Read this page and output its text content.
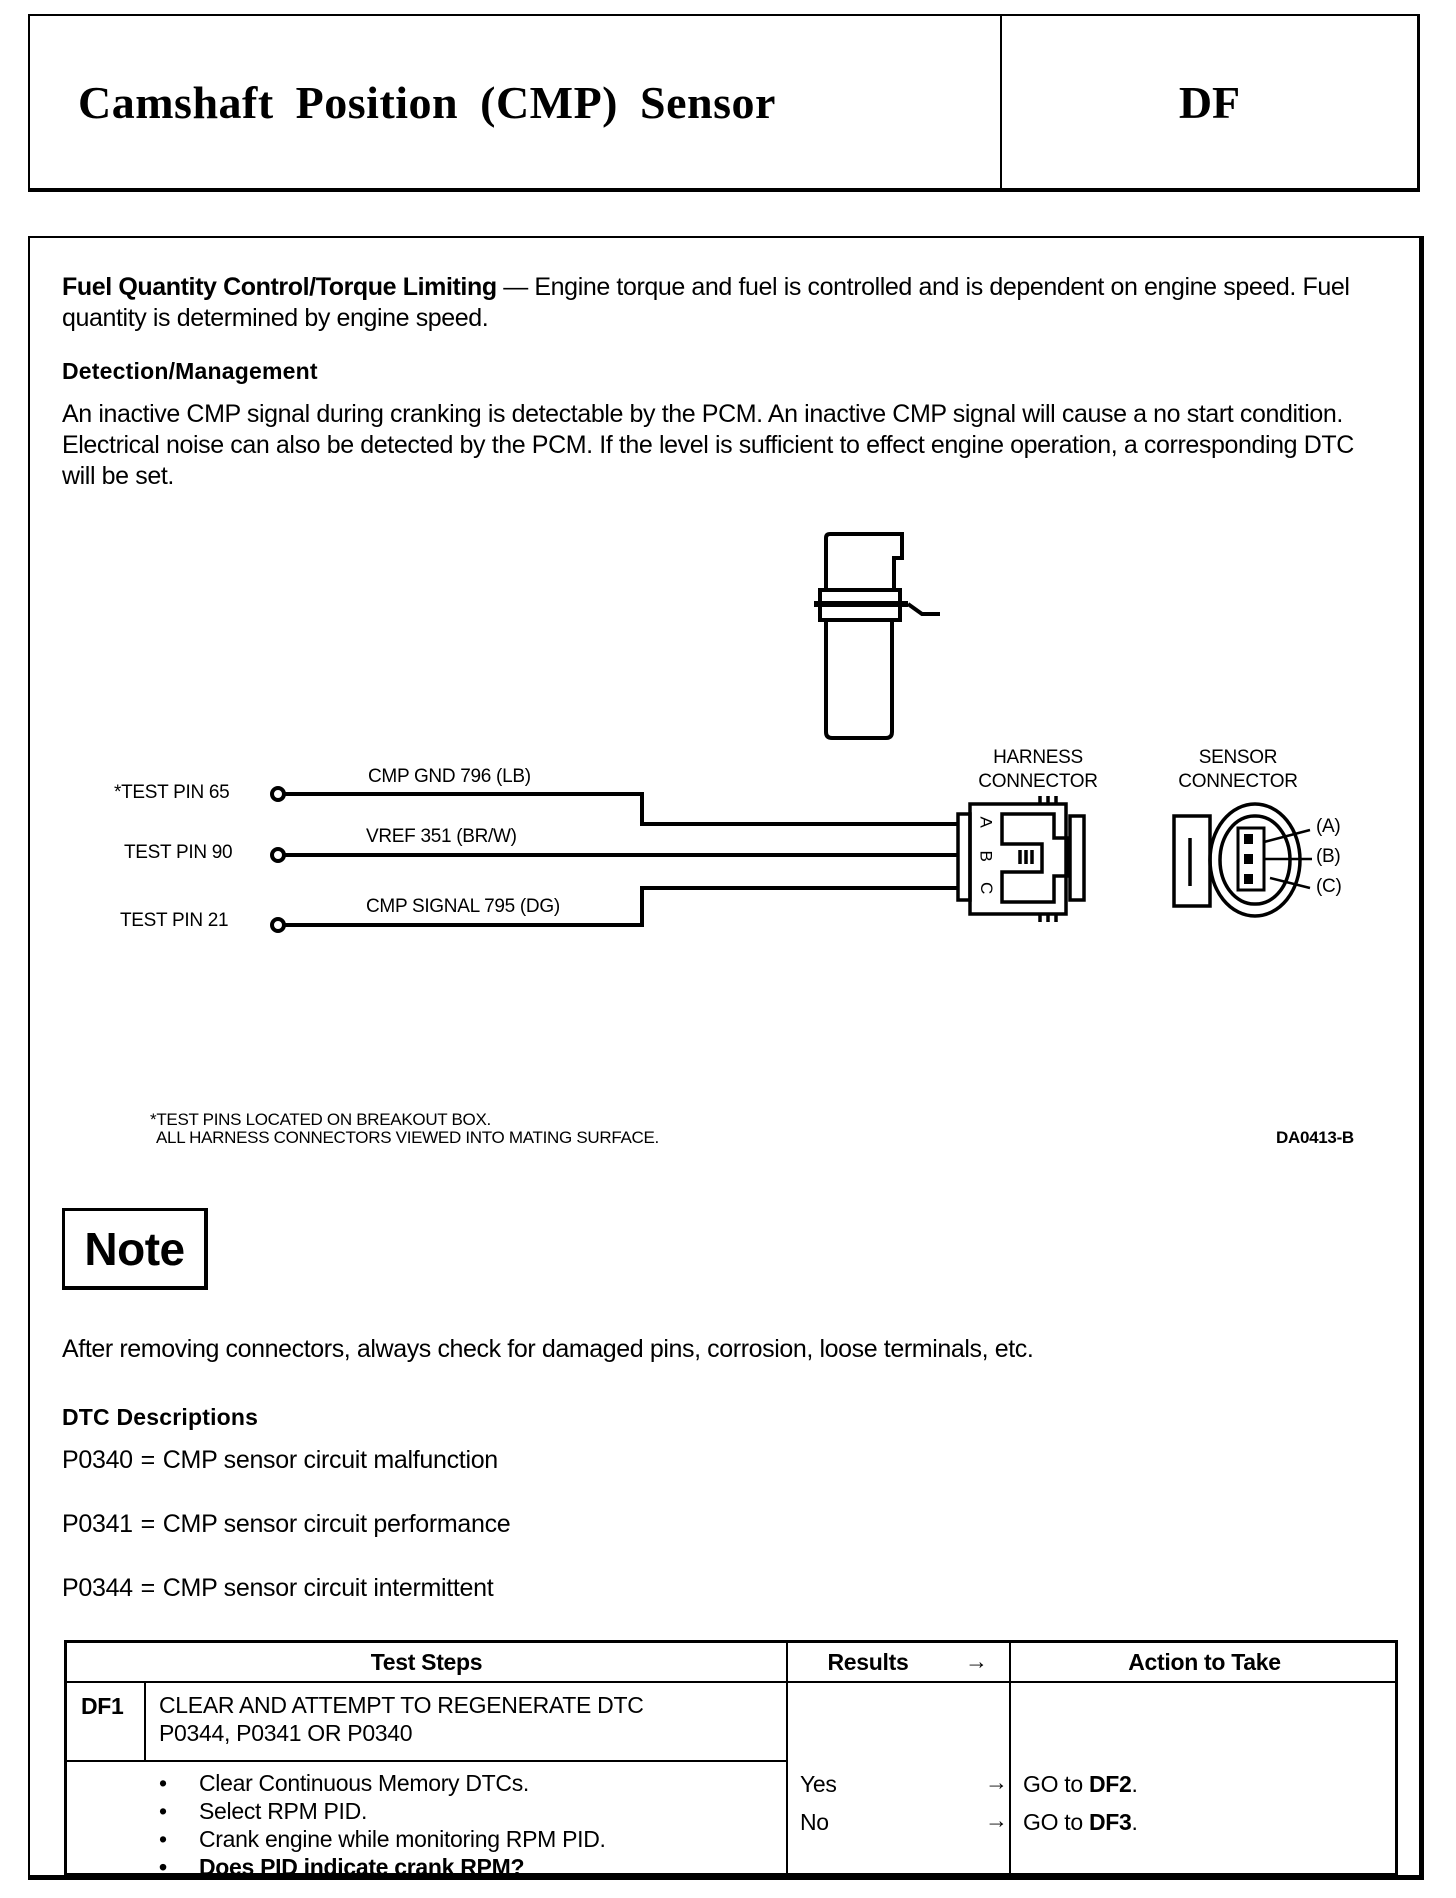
Camshaft Position (CMP) Sensor	DF

Fuel Quantity Control/Torque Limiting — Engine torque and fuel is controlled and is dependent on engine speed. Fuel quantity is determined by engine speed.

Detection/Management

An inactive CMP signal during cranking is detectable by the PCM. An inactive CMP signal will cause a no start condition. Electrical noise can also be detected by the PCM. If the level is sufficient to effect engine operation, a corresponding DTC will be set.

*TEST PIN 65
TEST PIN 90
TEST PIN 21
CMP GND 796 (LB)
VREF 351 (BR/W)
CMP SIGNAL 795 (DG)
HARNESS
CONNECTOR
SENSOR
CONNECTOR
A
B
C
(A)
(B)
(C)
*TEST PINS LOCATED ON BREAKOUT BOX.
ALL HARNESS CONNECTORS VIEWED INTO MATING SURFACE.	DA0413-B
Note

After removing connectors, always check for damaged pins, corrosion, loose terminals, etc.

DTC Descriptions

P0340 = CMP sensor circuit malfunction
P0341 = CMP sensor circuit performance
P0344 = CMP sensor circuit intermittent
Test Steps	Results	→	Action to Take
DF1 CLEAR AND ATTEMPT TO REGENERATE DTC
P0344, P0341 OR P0340
• Clear Continuous Memory DTCs.
• Select RPM PID.
• Crank engine while monitoring RPM PID.
• Does PID indicate crank RPM?
Yes	→ GO to DF2.
No	→ GO to DF3.
